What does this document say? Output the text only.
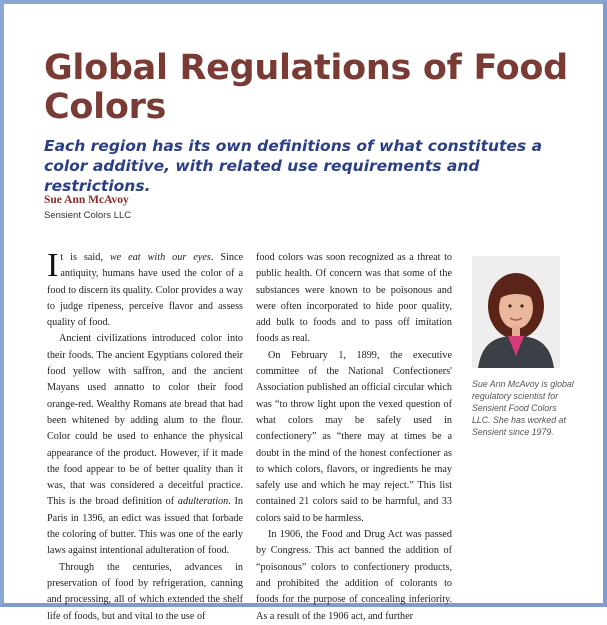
Global Regulations of Food Colors
Each region has its own definitions of what constitutes a color additive, with related use requirements and restrictions.
Sue Ann McAvoy
Sensient Colors LLC

It is said, we eat with our eyes. Since antiquity, humans have used the color of a food to discern its quality. Color provides a way to judge ripeness, perceive flavor and assess quality of food.

Ancient civilizations introduced color into their foods. The ancient Egyptians colored their food yellow with saffron, and the ancient Mayans used annatto to color their food orange-red. Wealthy Romans ate bread that had been whitened by adding alum to the flour. Color could be used to enhance the physical appearance of the product. However, if it made the food appear to be of better quality than it was, that was considered a deceitful practice. This is the broad definition of adulteration. In Paris in 1396, an edict was issued that forbade the coloring of butter. This was one of the early laws against intentional adulteration of food.

Through the centuries, advances in preservation of food by refrigeration, canning and processing, all of which extended the shelf life of foods, but and vital to the use of

food colors was soon recognized as a threat to public health. Of concern was that some of the substances were known to be poisonous and were often incorporated to hide poor quality, add bulk to foods and to pass off imitation foods as real.

On February 1, 1899, the executive committee of the National Confectioners' Association published an official circular which was “to throw light upon the vexed question of what colors may be safely used in confectionery” as “there may at times be a doubt in the mind of the honest confectioner as to which colors, flavors, or ingredients he may safely use and which he may reject.” This list contained 21 colors said to be harmful, and 33 colors said to be harmless.

In 1906, the Food and Drug Act was passed by Congress. This act banned the addition of “poisonous” colors to confectionery products, and prohibited the addition of colorants to foods for the purpose of concealing inferiority. As a result of the 1906 act, and further

Sue Ann McAvoy is global regulatory scientist for Sensient Food Colors LLC. She has worked at Sensient since 1979.
